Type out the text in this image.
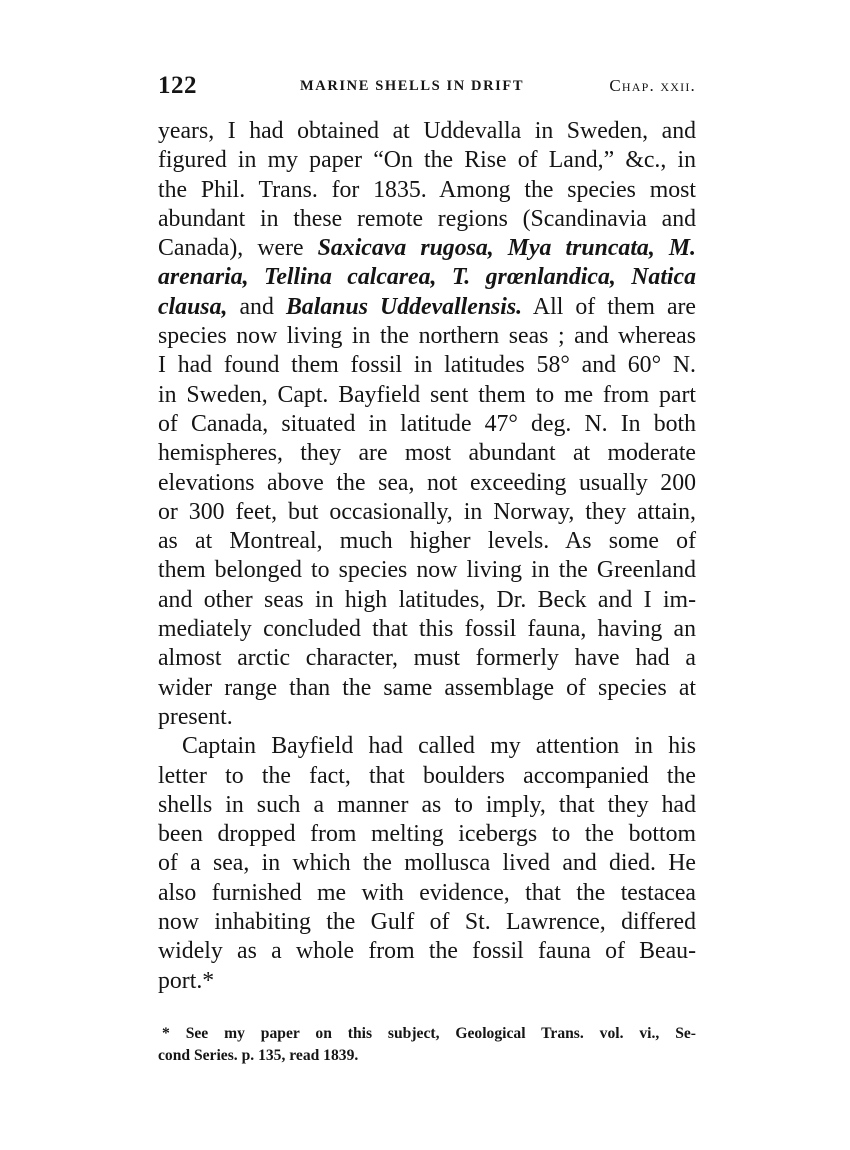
122	MARINE SHELLS IN DRIFT	Chap. xxii.
years, I had obtained at Uddevalla in Sweden, and
figured in my paper “On the Rise of Land,” &c., in
the Phil. Trans. for 1835. Among the species most
abundant in these remote regions (Scandinavia and
Canada), were Saxicava rugosa, Mya truncata, M.
arenaria, Tellina calcarea, T. grœnlandica, Natica
clausa, and Balanus Uddevallensis. All of them are
species now living in the northern seas ; and whereas
I had found them fossil in latitudes 58° and 60° N.
in Sweden, Capt. Bayfield sent them to me from part
of Canada, situated in latitude 47° deg. N. In both
hemispheres, they are most abundant at moderate
elevations above the sea, not exceeding usually 200
or 300 feet, but occasionally, in Norway, they attain,
as at Montreal, much higher levels. As some of
them belonged to species now living in the Greenland
and other seas in high latitudes, Dr. Beck and I im-
mediately concluded that this fossil fauna, having an
almost arctic character, must formerly have had a
wider range than the same assemblage of species at
present.
Captain Bayfield had called my attention in his
letter to the fact, that boulders accompanied the
shells in such a manner as to imply, that they had
been dropped from melting icebergs to the bottom
of a sea, in which the mollusca lived and died. He
also furnished me with evidence, that the testacea
now inhabiting the Gulf of St. Lawrence, differed
widely as a whole from the fossil fauna of Beau-
port.*
* See my paper on this subject, Geological Trans. vol. vi., Se-
cond Series. p. 135, read 1839.
